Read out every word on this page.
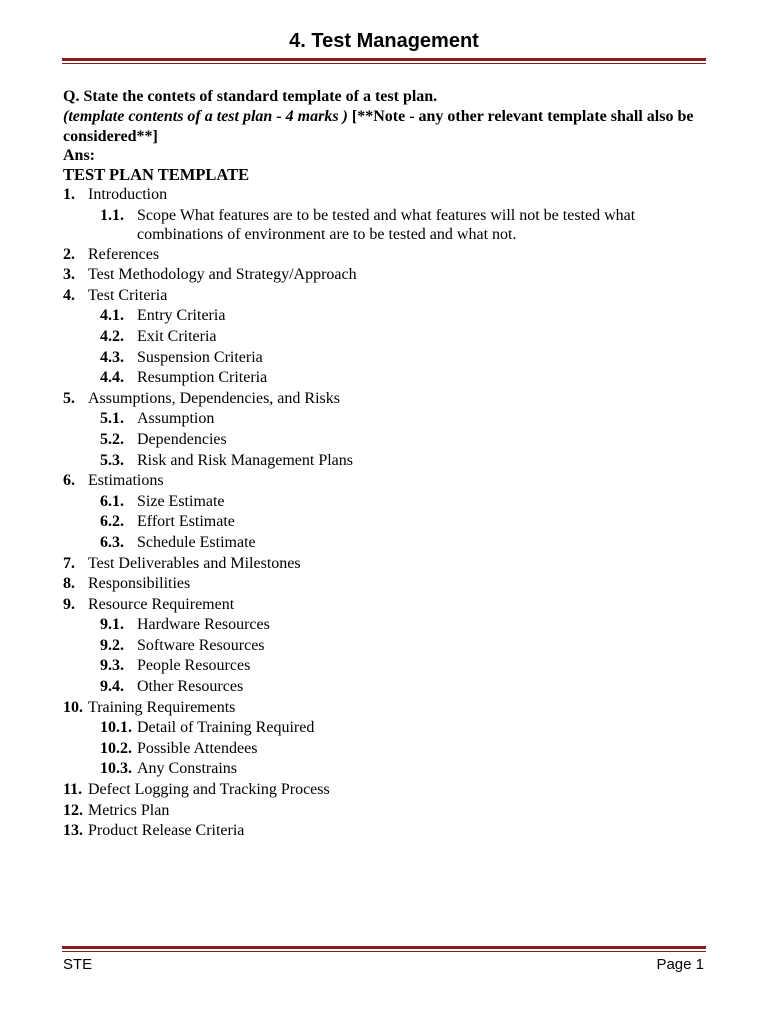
4. Test Management
Q. State the contets of standard template of a test plan.
(template contents of a test plan - 4 marks ) [**Note - any other relevant template shall also be considered**]
Ans:
TEST PLAN TEMPLATE
1. Introduction
1.1. Scope What features are to be tested and what features will not be tested what combinations of environment are to be tested and what not.
2. References
3. Test Methodology and Strategy/Approach
4. Test Criteria
4.1. Entry Criteria
4.2. Exit Criteria
4.3. Suspension Criteria
4.4. Resumption Criteria
5. Assumptions, Dependencies, and Risks
5.1. Assumption
5.2. Dependencies
5.3. Risk and Risk Management Plans
6. Estimations
6.1. Size Estimate
6.2. Effort Estimate
6.3. Schedule Estimate
7. Test Deliverables and Milestones
8. Responsibilities
9. Resource Requirement
9.1. Hardware Resources
9.2. Software Resources
9.3. People Resources
9.4. Other Resources
10. Training Requirements
10.1. Detail of Training Required
10.2. Possible Attendees
10.3. Any Constrains
11. Defect Logging and Tracking Process
12. Metrics Plan
13. Product Release Criteria
STE	Page 1
